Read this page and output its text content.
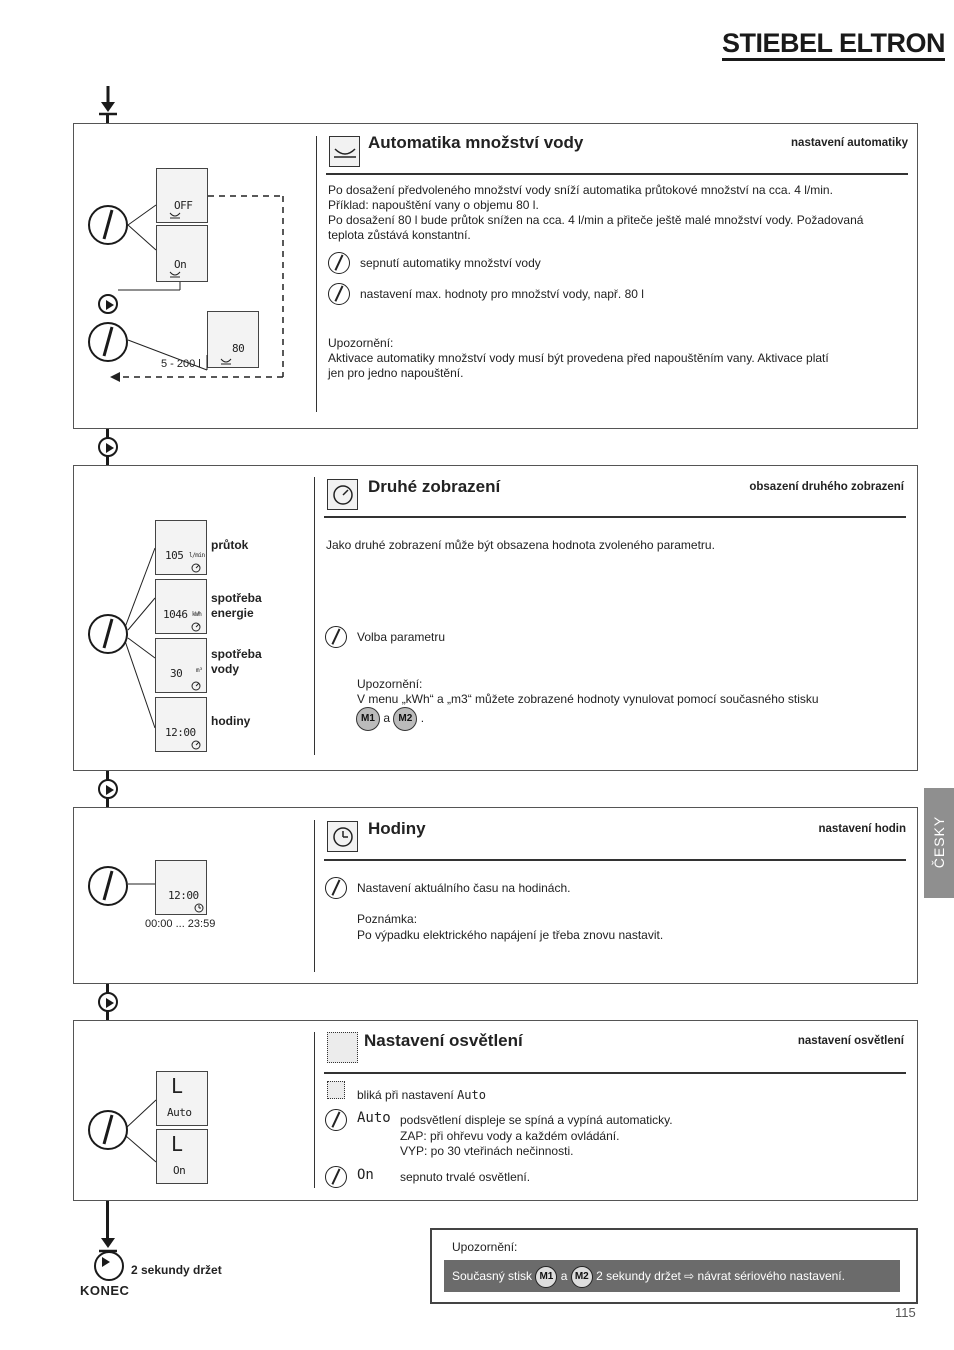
STIEBEL ELTRON
ČESKY
Automatika množství vody	nastavení automatiky
Po dosažení předvoleného množství vody sníží automatika průtokové množství na cca. 4 l/min.
Příklad: napouštění vany o objemu 80 l.
Po dosažení 80 l bude průtok snížen na cca. 4 l/min a přiteče ještě malé množství vody. Požadovaná
teplota zůstává konstantní.
sepnutí automatiky množství vody
nastavení max. hodnoty pro množství vody, např. 80 l
Upozornění:
Aktivace automatiky množství vody musí být provedena před napouštěním vany. Aktivace platí
jen pro jedno napouštění.
OFF
On
80
5 - 200 l
Druhé zobrazení	obsazení druhého zobrazení
Jako druhé zobrazení může být obsazena hodnota zvoleného parametru.
Volba parametru
Upozornění:
V menu „kWh“ a „m3“ můžete zobrazené hodnoty vynulovat pomocí současného stisku
M1 a M2 .
105 l/min
průtok
1046 kWh
spotřeba
energie
30 m³
spotřeba
vody
12:00
hodiny
Hodiny	nastavení hodin
Nastavení aktuálního času na hodinách.
Poznámka:
Po výpadku elektrického napájení je třeba znovu nastavit.
12:00
00:00 ... 23:59
Nastavení osvětlení	nastavení osvětlení
bliká při nastavení Auto
Auto podsvětlení displeje se spíná a vypíná automaticky.
ZAP: při ohřevu vody a každém ovládání.
VYP: po 30 vteřinách nečinnosti.
On sepnuto trvalé osvětlení.
L
Auto
L
On
2 sekundy držet
KONEC
Upozornění:
Současný stisk M1 a M2 2 sekundy držet ⇨ návrat sériového nastavení.
115
